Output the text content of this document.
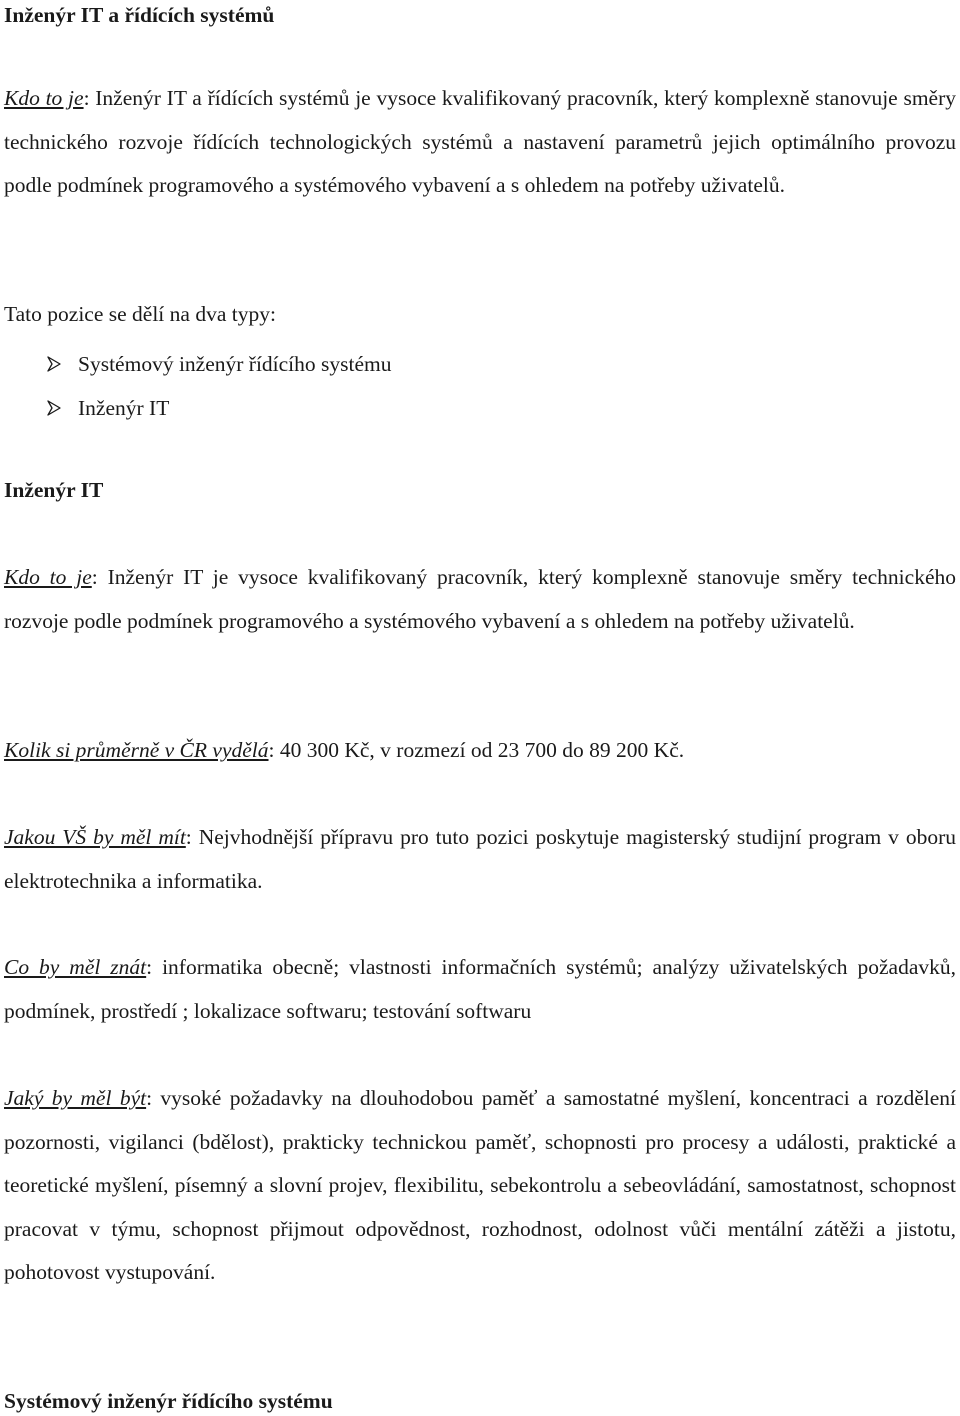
Inženýr IT a řídících systémů

Kdo to je: Inženýr IT a řídících systémů je vysoce kvalifikovaný pracovník, který komplexně stanovuje směry technického rozvoje řídících technologických systémů a nastavení parametrů jejich optimálního provozu podle podmínek programového a systémového vybavení a s ohledem na potřeby uživatelů.

Tato pozice se dělí na dva typy:
Systémový inženýr řídícího systému
Inženýr IT
Inženýr IT

Kdo to je: Inženýr IT je vysoce kvalifikovaný pracovník, který komplexně stanovuje směry technického rozvoje podle podmínek programového a systémového vybavení a s ohledem na potřeby uživatelů.

Kolik si průměrně v ČR vydělá: 40 300 Kč, v rozmezí od 23 700 do 89 200 Kč.

Jakou VŠ by měl mít: Nejvhodnější přípravu pro tuto pozici poskytuje magisterský studijní program v oboru elektrotechnika a informatika.

Co by měl znát: informatika obecně; vlastnosti informačních systémů; analýzy uživatelských požadavků, podmínek, prostředí ; lokalizace softwaru; testování softwaru

Jaký by měl být: vysoké požadavky na dlouhodobou paměť a samostatné myšlení, koncentraci a rozdělení pozornosti, vigilanci (bdělost), prakticky technickou paměť, schopnosti pro procesy a události, praktické a teoretické myšlení, písemný a slovní projev, flexibilitu, sebekontrolu a sebeovládání, samostatnost, schopnost pracovat v týmu, schopnost přijmout odpovědnost, rozhodnost, odolnost vůči mentální zátěži a jistotu, pohotovost vystupování.

Systémový inženýr řídícího systému
